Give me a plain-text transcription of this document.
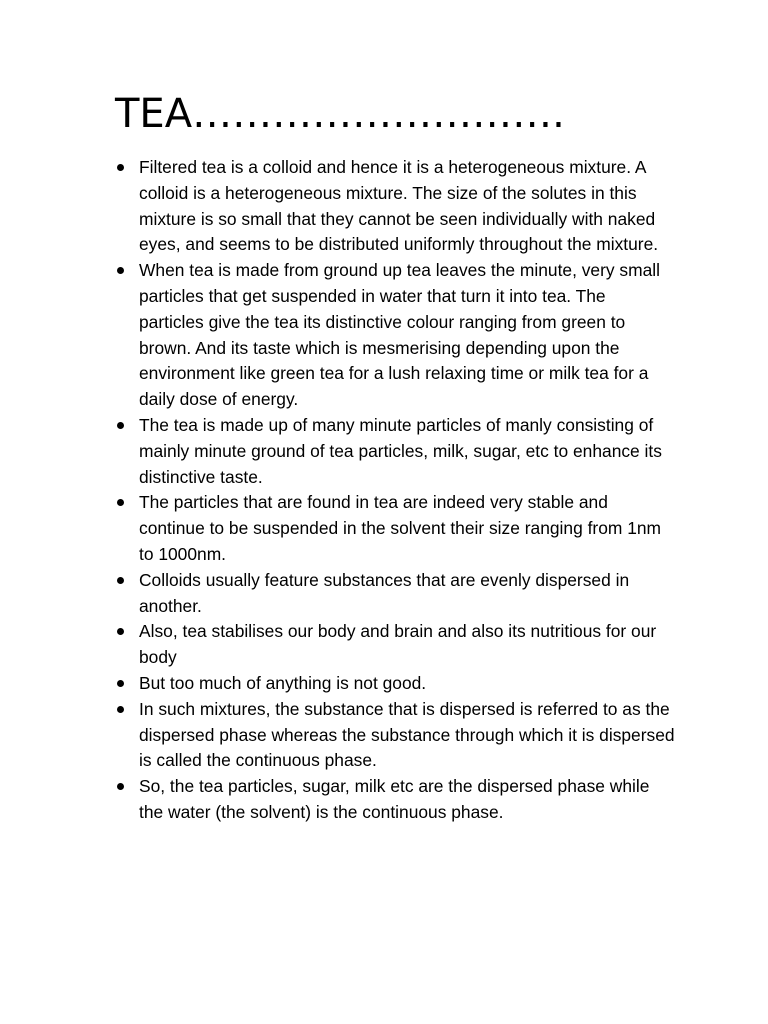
TEA……………………….
Filtered tea is a colloid and hence it is a heterogeneous mixture. A colloid is a heterogeneous mixture. The size of the solutes in this mixture is so small that they cannot be seen individually with naked eyes, and seems to be distributed uniformly throughout the mixture.
When tea is made from ground up tea leaves the minute, very small particles that get suspended in water that turn it into tea. The particles give the tea its distinctive colour ranging from green to brown. And its taste which is mesmerising depending upon the environment like green tea for a lush relaxing time or milk tea for a daily dose of energy.
The tea is made up of many minute particles of manly consisting of mainly minute ground of tea particles, milk, sugar, etc to enhance its distinctive taste.
The particles that are found in tea are indeed very stable and continue to be suspended in the solvent their size ranging from 1nm to 1000nm.
Colloids usually feature substances that are evenly dispersed in another.
Also, tea stabilises our body and brain and also its nutritious for our body
But too much of anything is not good.
In such mixtures, the substance that is dispersed is referred to as the dispersed phase whereas the substance through which it is dispersed is called the continuous phase.
So, the tea particles, sugar, milk etc are the dispersed phase while the water (the solvent) is the continuous phase.
